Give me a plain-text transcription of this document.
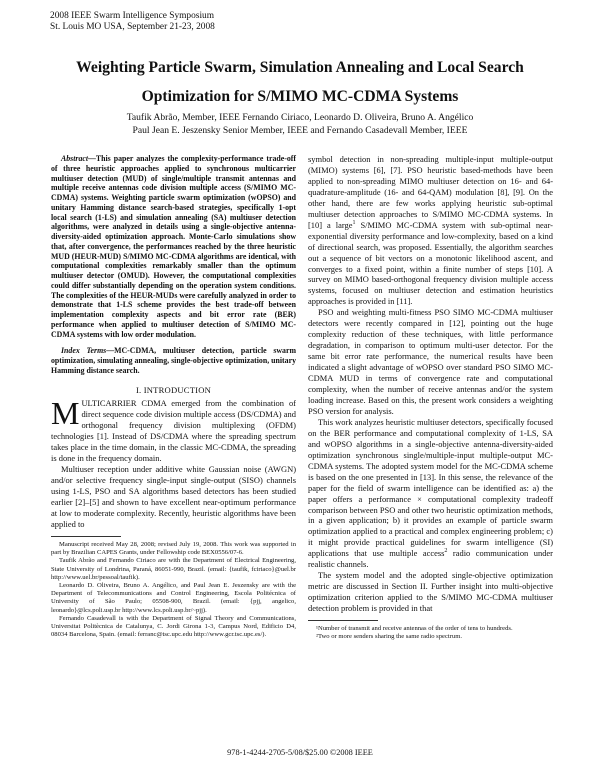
2008 IEEE Swarm Intelligence Symposium
St. Louis MO USA, September 21-23, 2008
Weighting Particle Swarm, Simulation Annealing and Local Search
Optimization for S/MIMO MC-CDMA Systems
Taufik Abrão, Member, IEEE Fernando Ciriaco, Leonardo D. Oliveira, Bruno A. Angélico
Paul Jean E. Jeszensky Senior Member, IEEE and Fernando Casadevall Member, IEEE

Abstract—This paper analyzes the complexity-performance trade-off of three heuristic approaches applied to synchronous multicarrier multiuser detection (MUD) of single/multiple transmit antennas and multiple receive antennas code division multiple access (S/MIMO MC-CDMA) systems. Weighting particle swarm optimization (wOPSO) and unitary Hamming distance search-based strategies, specifically 1-opt local search (1-LS) and simulation annealing (SA) multiuser detection algorithms, were analyzed in details using a single-objective antenna-diversity-aided optimization approach. Monte-Carlo simulations show that, after convergence, the performances reached by the three heuristic MUD (HEUR-MUD) S/MIMO MC-CDMA algorithms are identical, with computational complexities remarkably smaller than the optimum multiuser detector (OMUD). However, the computational complexities could differ substantially depending on the operation system conditions. The complexities of the HEUR-MUDs were carefully analyzed in order to demonstrate that 1-LS scheme provides the best trade-off between implementation complexity aspects and bit error rate (BER) performance when applied to multiuser detection of S/MIMO MC-CDMA systems with low order modulation.

Index Terms—MC-CDMA, multiuser detection, particle swarm optimization, simulating annealing, single-objective optimization, unitary Hamming distance search.

I. INTRODUCTION

MULTICARRIER CDMA emerged from the combination of direct sequence code division multiple access (DS/CDMA) and orthogonal frequency division multiplexing (OFDM) technologies [1]. Instead of DS/CDMA where the spreading spectrum takes place in the time domain, in the classic MC-CDMA, the spreading is done in the frequency domain.

Multiuser reception under additive white Gaussian noise (AWGN) and/or selective frequency single-input single-output (SISO) channels using 1-LS, PSO and SA algorithms based detectors has been studied earlier [2]–[5] and shown to have excellent near-optimum performance at low to moderate complexity. Recently, heuristic algorithms have been applied to

Manuscript received May 28, 2008; revised July 19, 2008. This work was supported in part by Brazilian CAPES Grants, under Fellowship code BEX0556/07-6.

Taufik Abrão and Fernando Ciriaco are with the Department of Electrical Engineering, State University of Londrina, Paraná, 86051-990, Brazil. (email: {taufik, fciriaco}@uel.br http://www.uel.br/pessoal/taufik).

Leonardo D. Oliveira, Bruno A. Angélico, and Paul Jean E. Jeszensky are with the Department of Telecommunications and Control Engineering, Escola Politécnica of University of São Paulo; 05508-900, Brazil. (email: {pjj, angelico, leonardo}@lcs.poli.usp.br http://www.lcs.poli.usp.br/~pjj).

Fernando Casadevall is with the Department of Signal Theory and Communications, Universitat Politècnica de Catalunya, C. Jordi Girona 1-3, Campus Nord, Edificio D4, 08034 Barcelona, Spain. (email: ferranc@tsc.upc.edu http://www.gcr.tsc.upc.es/).

symbol detection in non-spreading multiple-input multiple-output (MIMO) systems [6], [7]. PSO heuristic based-methods have been applied to non-spreading MIMO multiuser detection on 16- and 64-quadrature-amplitude (16- and 64-QAM) modulation [8], [9]. On the other hand, there are few works applying heuristic sub-optimal multiuser detection approaches to S/MIMO MC-CDMA systems. In [10] a large$^1$ S/MIMO MC-CDMA system with sub-optimal near-exponential diversity performance and low-complexity, based on a kind of directional search, was proposed. Essentially, the algorithm searches out a sequence of bit vectors on a monotonic likelihood ascent, and converges to a fixed point, within a finite number of steps [10]. A survey on MIMO based-orthogonal frequency division multiple access systems, focused on multiuser detection and estimation heuristics approaches is provided in [11].

PSO and weighting multi-fitness PSO SIMO MC-CDMA multiuser detectors were recently compared in [12], pointing out the huge complexity reduction of these techniques, with little performance degradation, in comparison to optimum multi-user detector. For the same bit error rate performance, the numerical results have been indicated a slight advantage of wOPSO over standard PSO SIMO MC-CDMA MUD in terms of convergence rate and computational complexity, when the number of receive antennas and/or the system loading increase. Based on this, the present work considers a weighting PSO version for analysis.

This work analyzes heuristic multiuser detectors, specifically focused on the BER performance and computational complexity of 1-LS, SA and wOPSO algorithms in a single-objective antenna-diversity-aided optimization synchronous single/multiple-input multiple-output MC-CDMA systems. The adopted system model for the MC-CDMA scheme is based on the one presented in [13]. In this sense, the relevance of the paper for the field of swarm intelligence can be identified as: a) the paper offers a performance × computational complexity tradeoff comparison between PSO and other two heuristic optimization methods, in a given application; b) it provides an example of particle swarm optimization applied to a practical and complex engineering problem; c) it might provide practical guidelines for swarm intelligence (SI) applications that use multiple access$^2$ radio communication under realistic channels.

The system model and the adopted single-objective optimization metric are discussed in Section II. Further insight into multi-objective optimization criterion applied to the S/MIMO MC-CDMA multiuser detection problem is provided in that

¹Number of transmit and receive antennas of the order of tens to hundreds.

²Two or more senders sharing the same radio spectrum.

978-1-4244-2705-5/08/$25.00 ©2008 IEEE
